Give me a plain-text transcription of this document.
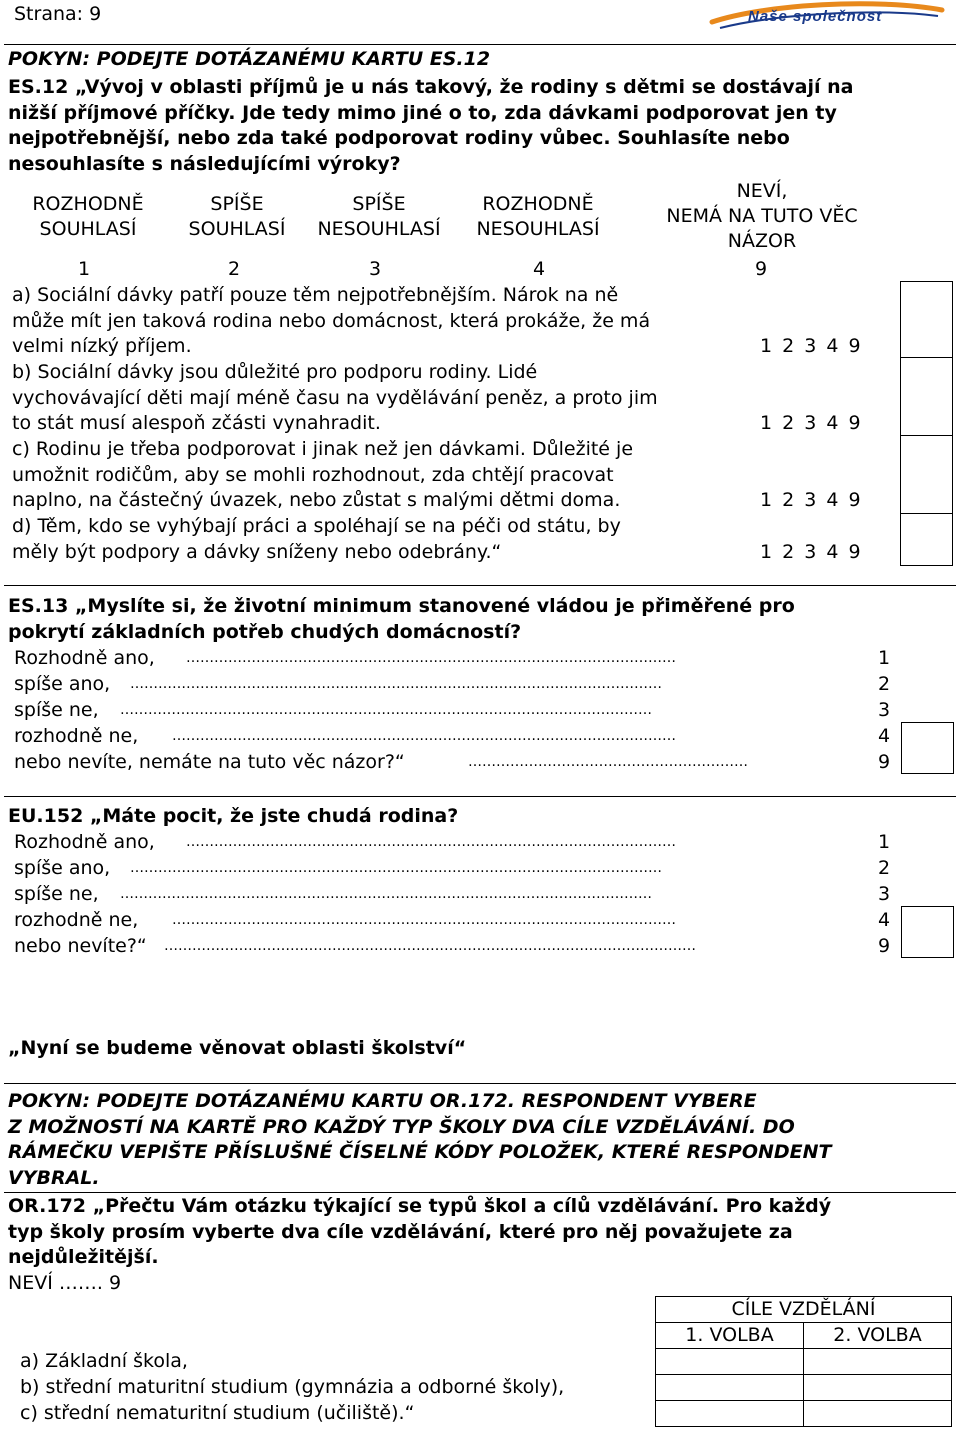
Strana: 9	Naše společnost
POKYN: PODEJTE DOTÁZANÉMU KARTU ES.12
ES.12 „Vývoj v oblasti příjmů je u nás takový, že rodiny s dětmi se dostávají na
nižší příjmové příčky. Jde tedy mimo jiné o to, zda dávkami podporovat jen ty
nejpotřebnější, nebo zda také podporovat rodiny vůbec. Souhlasíte nebo
nesouhlasíte s následujícími výroky?
ROZHODNĚ
SOUHLASÍ
SPÍŠE
SOUHLASÍ
SPÍŠE
NESOUHLASÍ
ROZHODNĚ
NESOUHLASÍ
NEVÍ,
NEMÁ NA TUTO VĚC
NÁZOR
1	2	3	4	9
a) Sociální dávky patří pouze těm nejpotřebnějším. Nárok na ně
může mít jen taková rodina nebo domácnost, která prokáže, že má
velmi nízký příjem.	1 2 3 4 9
b) Sociální dávky jsou důležité pro podporu rodiny. Lidé
vychovávající děti mají méně času na vydělávání peněz, a proto jim
to stát musí alespoň zčásti vynahradit.	1 2 3 4 9
c) Rodinu je třeba podporovat i jinak než jen dávkami. Důležité je
umožnit rodičům, aby se mohli rozhodnout, zda chtějí pracovat
naplno, na částečný úvazek, nebo zůstat s malými dětmi doma.	1 2 3 4 9
d) Těm, kdo se vyhýbají práci a spoléhají se na péči od státu, by
měly být podpory a dávky sníženy nebo odebrány.“	1 2 3 4 9
ES.13 „Myslíte si, že životní minimum stanovené vládou je přiměřené pro
pokrytí základních potřeb chudých domácností?
Rozhodně ano, ……………………………………………………………………………………………	1
spíše ano, ……………………………………………………………………………………………………	2
spíše ne, ……………………………………………………………………………………………………	3
rozhodně ne, ………………………………………………………………………………………………	4
nebo nevíte, nemáte na tuto věc názor?“	……………………………………………………	9
EU.152 „Máte pocit, že jste chudá rodina?
Rozhodně ano, ……………………………………………………………………………………………	1
spíše ano, ……………………………………………………………………………………………………	2
spíše ne, ……………………………………………………………………………………………………	3
rozhodně ne, ………………………………………………………………………………………………	4
nebo nevíte?“ ……………………………………………………………………………………………………	9
„Nyní se budeme věnovat oblasti školství“
POKYN: PODEJTE DOTÁZANÉMU KARTU OR.172. RESPONDENT VYBERE
Z MOŽNOSTÍ NA KARTĚ PRO KAŽDÝ TYP ŠKOLY DVA CÍLE VZDĚLÁVÁNÍ. DO
RÁMEČKU VEPIŠTE PŘÍSLUŠNÉ ČÍSELNÉ KÓDY POLOŽEK, KTERÉ RESPONDENT
VYBRAL.
OR.172 „Přečtu Vám otázku týkající se typů škol a cílů vzdělávání. Pro každý
typ školy prosím vyberte dva cíle vzdělávání, které pro něj považujete za
nejdůležitější.
NEVÍ ……. 9
CÍLE VZDĚLÁNÍ
1. VOLBA	2. VOLBA
a) Základní škola,
b) střední maturitní studium (gymnázia a odborné školy),
c) střední nematuritní studium (učiliště).“
